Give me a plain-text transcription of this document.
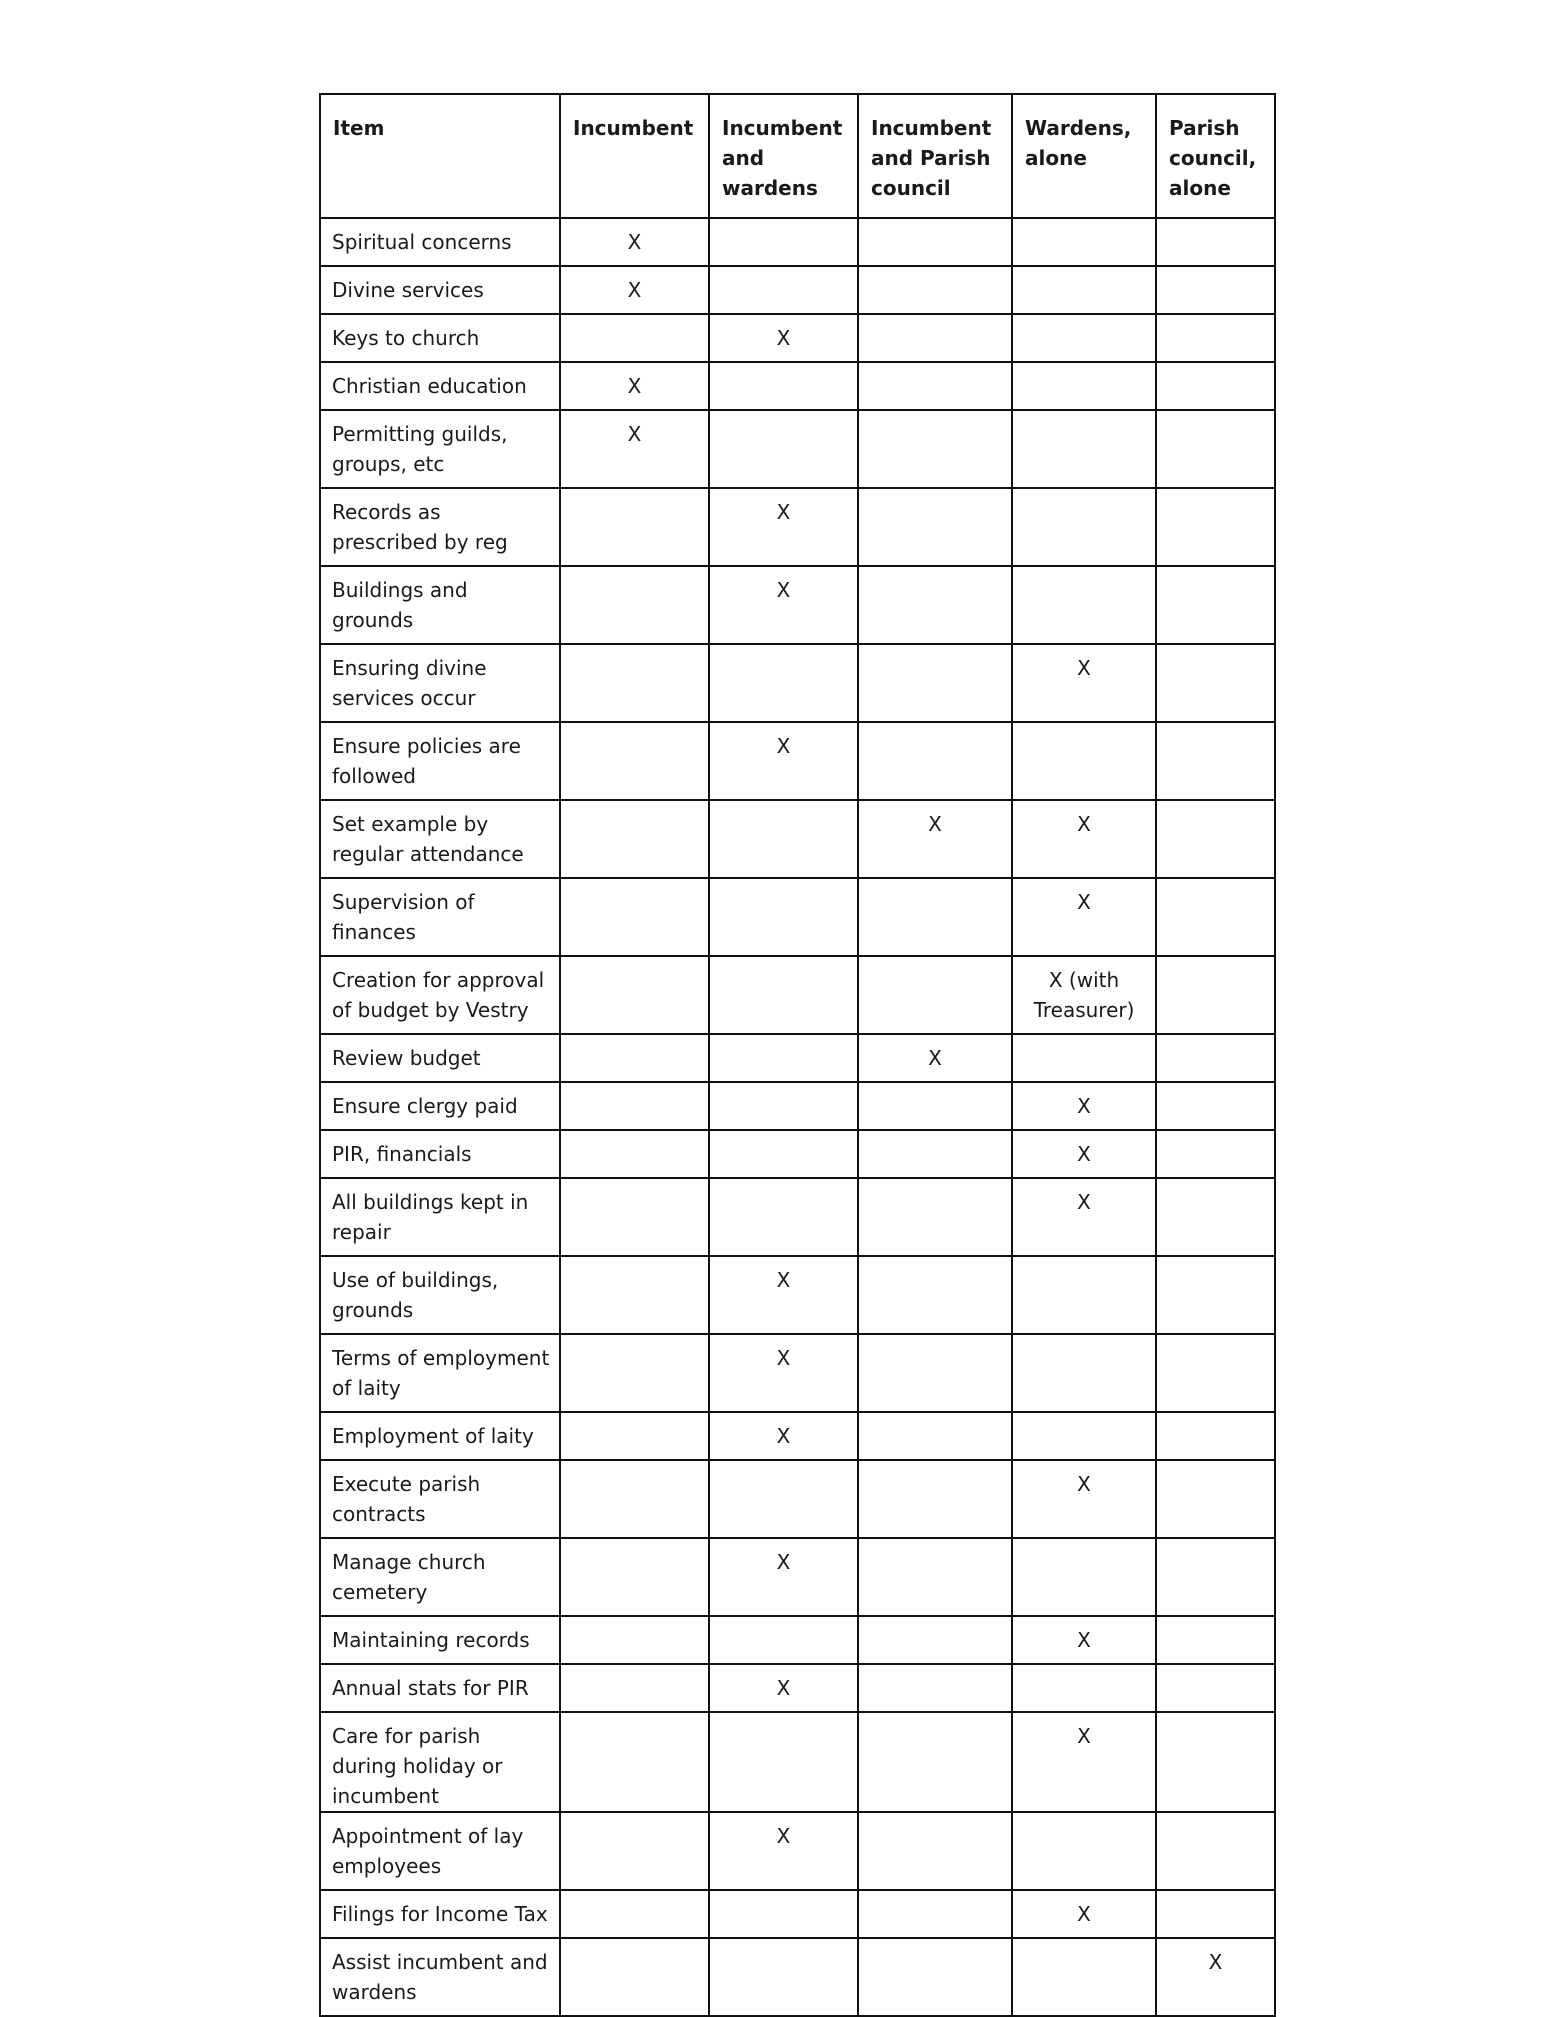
Item	Incumbent	Incumbent and wardens	Incumbent and Parish council	Wardens, alone	Parish council, alone
Spiritual concerns	X				
Divine services	X				
Keys to church		X			
Christian education	X				
Permitting guilds, groups, etc	X				
Records as prescribed by reg		X			
Buildings and grounds		X			
Ensuring divine services occur				X	
Ensure policies are followed		X			
Set example by regular attendance			X	X	
Supervision of finances				X	
Creation for approval of budget by Vestry				X (with Treasurer)	
Review budget			X		
Ensure clergy paid				X	
PIR, financials				X	
All buildings kept in repair				X	
Use of buildings, grounds		X			
Terms of employment of laity		X			
Employment of laity		X			
Execute parish contracts				X	
Manage church cemetery		X			
Maintaining records				X	
Annual stats for PIR		X			
Care for parish during holiday or incumbent				X	
Appointment of lay employees		X			
Filings for Income Tax				X	
Assist incumbent and wardens					X
